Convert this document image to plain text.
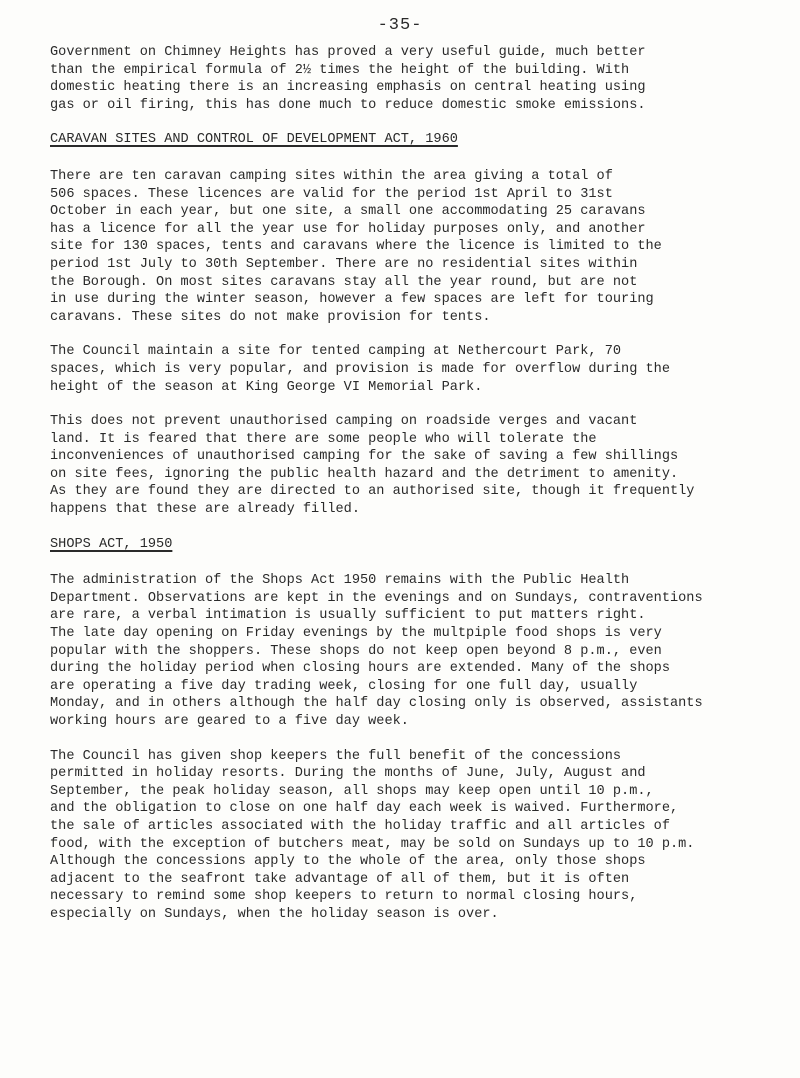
-35-
Government on Chimney Heights has proved a very useful guide, much better
than the empirical formula of 2½ times the height of the building. With
domestic heating there is an increasing emphasis on central heating using
gas or oil firing, this has done much to reduce domestic smoke emissions.
CARAVAN SITES AND CONTROL OF DEVELOPMENT ACT, 1960
There are ten caravan camping sites within the area giving a total of
506 spaces. These licences are valid for the period 1st April to 31st
October in each year, but one site, a small one accommodating 25 caravans
has a licence for all the year use for holiday purposes only, and another
site for 130 spaces, tents and caravans where the licence is limited to the
period 1st July to 30th September. There are no residential sites within
the Borough. On most sites caravans stay all the year round, but are not
in use during the winter season, however a few spaces are left for touring
caravans. These sites do not make provision for tents.
The Council maintain a site for tented camping at Nethercourt Park, 70
spaces, which is very popular, and provision is made for overflow during the
height of the season at King George VI Memorial Park.
This does not prevent unauthorised camping on roadside verges and vacant
land. It is feared that there are some people who will tolerate the
inconveniences of unauthorised camping for the sake of saving a few shillings
on site fees, ignoring the public health hazard and the detriment to amenity.
As they are found they are directed to an authorised site, though it frequently
happens that these are already filled.
SHOPS ACT, 1950
The administration of the Shops Act 1950 remains with the Public Health
Department. Observations are kept in the evenings and on Sundays, contraventions
are rare, a verbal intimation is usually sufficient to put matters right.
The late day opening on Friday evenings by the multpiple food shops is very
popular with the shoppers. These shops do not keep open beyond 8 p.m., even
during the holiday period when closing hours are extended. Many of the shops
are operating a five day trading week, closing for one full day, usually
Monday, and in others although the half day closing only is observed, assistants
working hours are geared to a five day week.
The Council has given shop keepers the full benefit of the concessions
permitted in holiday resorts. During the months of June, July, August and
September, the peak holiday season, all shops may keep open until 10 p.m.,
and the obligation to close on one half day each week is waived. Furthermore,
the sale of articles associated with the holiday traffic and all articles of
food, with the exception of butchers meat, may be sold on Sundays up to 10 p.m.
Although the concessions apply to the whole of the area, only those shops
adjacent to the seafront take advantage of all of them, but it is often
necessary to remind some shop keepers to return to normal closing hours,
especially on Sundays, when the holiday season is over.
